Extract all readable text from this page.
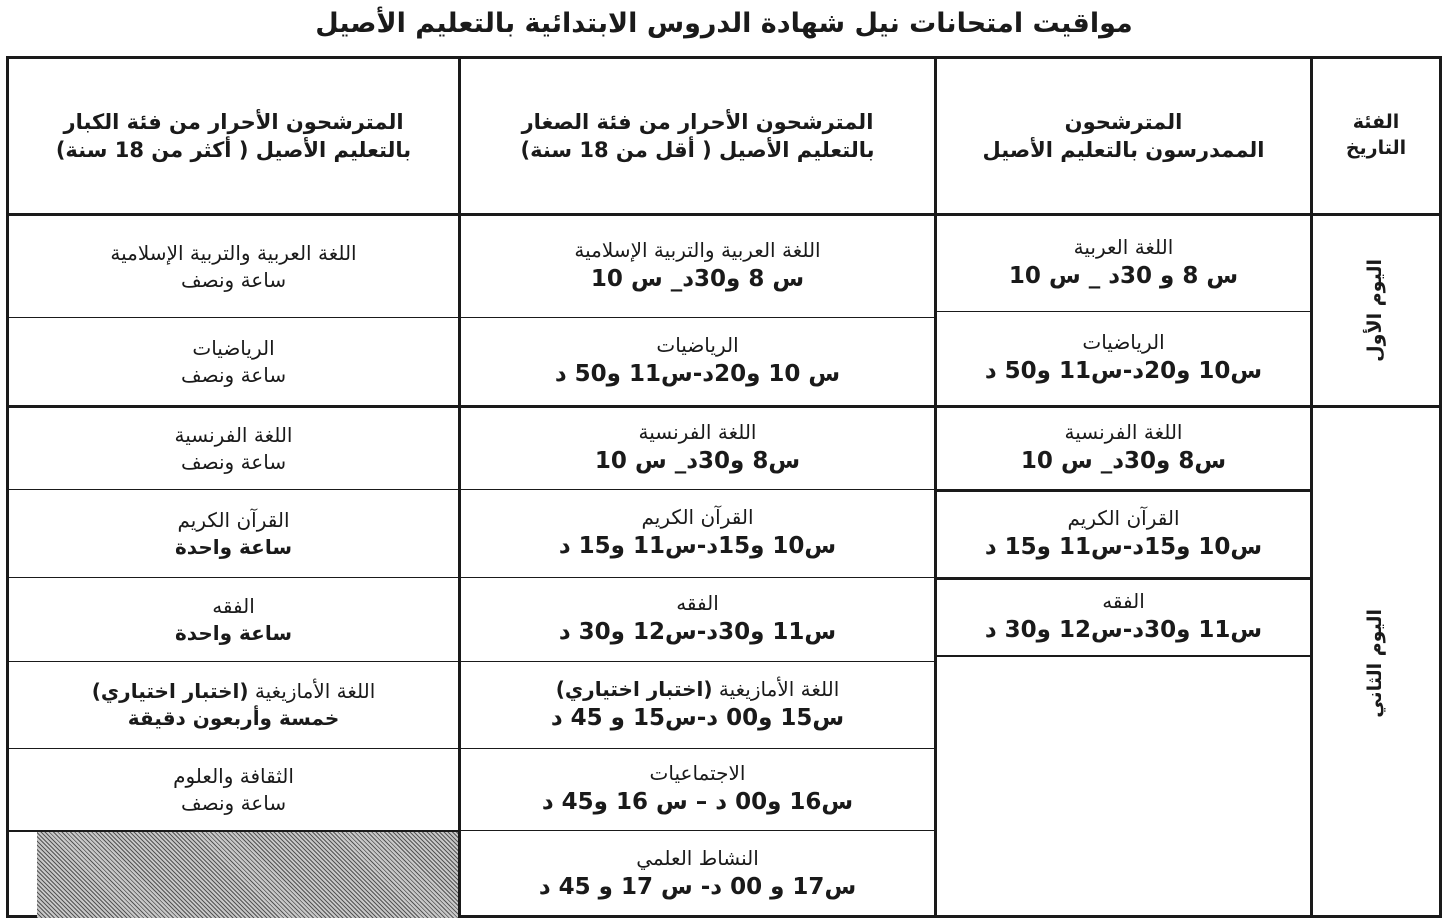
مواقيت امتحانات نيل شهادة الدروس الابتدائية بالتعليم الأصيل
الفئة
التاريخ
المترشحون
الممدرسون بالتعليم الأصيل
المترشحون الأحرار من فئة الصغار
بالتعليم الأصيل ( أقل من 18 سنة)
المترشحون الأحرار من فئة الكبار
بالتعليم الأصيل ( أكثر من 18 سنة)
اليوم الأول
اليوم الثاني
اللغة العربية
س 8 و 30د _ س 10
الرياضيات
س10 و20د-س11 و50 د
اللغة الفرنسية
س8 و30د_ س 10
القرآن الكريم
س10 و15د-س11 و15 د
الفقه
س11 و30د-س12 و30 د
اللغة العربية والتربية الإسلامية
س 8 و30د_ س 10
الرياضيات
س 10 و20د-س11 و50 د
اللغة الفرنسية
س8 و30د_ س 10
القرآن الكريم
س10 و15د-س11 و15 د
الفقه
س11 و30د-س12 و30 د
اللغة الأمازيغية (اختبار اختياري)
س15 و00 د-س15 و 45 د
الاجتماعيات
س16 و00 د – س 16 و45 د
النشاط العلمي
س17 و 00 د- س 17 و 45 د
اللغة العربية والتربية الإسلامية
ساعة ونصف
الرياضيات
ساعة ونصف
اللغة الفرنسية
ساعة ونصف
القرآن الكريم
ساعة واحدة
الفقه
ساعة واحدة
اللغة الأمازيغية (اختبار اختياري)
خمسة وأربعون دقيقة
الثقافة والعلوم
ساعة ونصف
